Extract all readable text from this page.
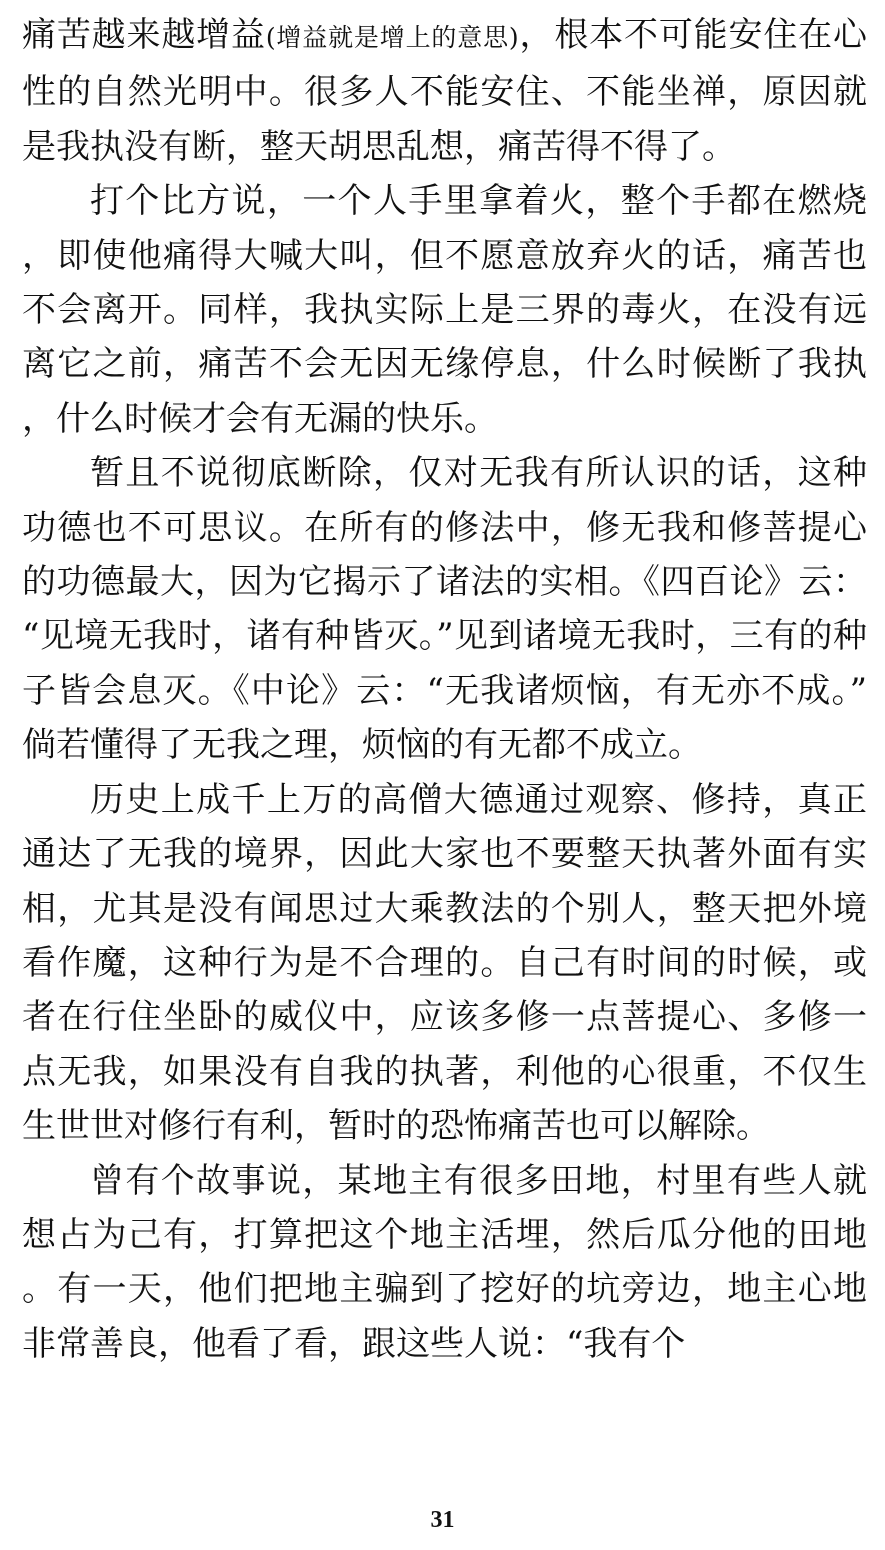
痛苦越来越增益(增益就是增上的意思)，根本不可能安住在心性的自然光明中。很多人不能安住、不能坐禅，原因就是我执没有断，整天胡思乱想，痛苦得不得了。

打个比方说，一个人手里拿着火，整个手都在燃烧，即使他痛得大喊大叫，但不愿意放弃火的话，痛苦也不会离开。同样，我执实际上是三界的毒火，在没有远离它之前，痛苦不会无因无缘停息，什么时候断了我执，什么时候才会有无漏的快乐。

暂且不说彻底断除，仅对无我有所认识的话，这种功德也不可思议。在所有的修法中，修无我和修菩提心的功德最大，因为它揭示了诸法的实相。《四百论》云：“见境无我时，诸有种皆灭。”见到诸境无我时，三有的种子皆会息灭。《中论》云：“无我诸烦恼，有无亦不成。”倘若懂得了无我之理，烦恼的有无都不成立。

历史上成千上万的高僧大德通过观察、修持，真正通达了无我的境界，因此大家也不要整天执著外面有实相，尤其是没有闻思过大乘教法的个别人，整天把外境看作魔，这种行为是不合理的。自己有时间的时候，或者在行住坐卧的威仪中，应该多修一点菩提心、多修一点无我，如果没有自我的执著，利他的心很重，不仅生生世世对修行有利，暂时的恐怖痛苦也可以解除。

曾有个故事说，某地主有很多田地，村里有些人就想占为己有，打算把这个地主活埋，然后瓜分他的田地。有一天，他们把地主骗到了挖好的坑旁边，地主心地非常善良，他看了看，跟这些人说：“我有个

31
